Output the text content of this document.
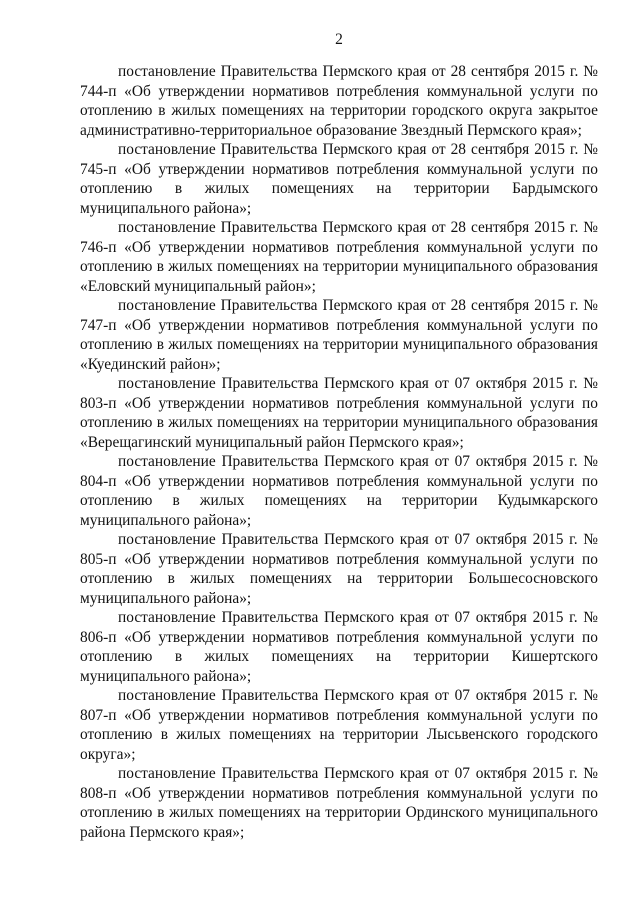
2

постановление Правительства Пермского края от 28 сентября 2015 г. № 744-п «Об утверждении нормативов потребления коммунальной услуги по отоплению в жилых помещениях на территории городского округа закрытое административно-территориальное образование Звездный Пермского края»;

постановление Правительства Пермского края от 28 сентября 2015 г. № 745-п «Об утверждении нормативов потребления коммунальной услуги по отоплению в жилых помещениях на территории Бардымского муниципального района»;

постановление Правительства Пермского края от 28 сентября 2015 г. № 746-п «Об утверждении нормативов потребления коммунальной услуги по отоплению в жилых помещениях на территории муниципального образования «Еловский муниципальный район»;

постановление Правительства Пермского края от 28 сентября 2015 г. № 747-п «Об утверждении нормативов потребления коммунальной услуги по отоплению в жилых помещениях на территории муниципального образования «Куединский район»;

постановление Правительства Пермского края от 07 октября 2015 г. № 803-п «Об утверждении нормативов потребления коммунальной услуги по отоплению в жилых помещениях на территории муниципального образования «Верещагинский муниципальный район Пермского края»;

постановление Правительства Пермского края от 07 октября 2015 г. № 804-п «Об утверждении нормативов потребления коммунальной услуги по отоплению в жилых помещениях на территории Кудымкарского муниципального района»;

постановление Правительства Пермского края от 07 октября 2015 г. № 805-п «Об утверждении нормативов потребления коммунальной услуги по отоплению в жилых помещениях на территории Большесосновского муниципального района»;

постановление Правительства Пермского края от 07 октября 2015 г. № 806-п «Об утверждении нормативов потребления коммунальной услуги по отоплению в жилых помещениях на территории Кишертского муниципального района»;

постановление Правительства Пермского края от 07 октября 2015 г. № 807-п «Об утверждении нормативов потребления коммунальной услуги по отоплению в жилых помещениях на территории Лысьвенского городского округа»;

постановление Правительства Пермского края от 07 октября 2015 г. № 808-п «Об утверждении нормативов потребления коммунальной услуги по отоплению в жилых помещениях на территории Ординского муниципального района Пермского края»;
